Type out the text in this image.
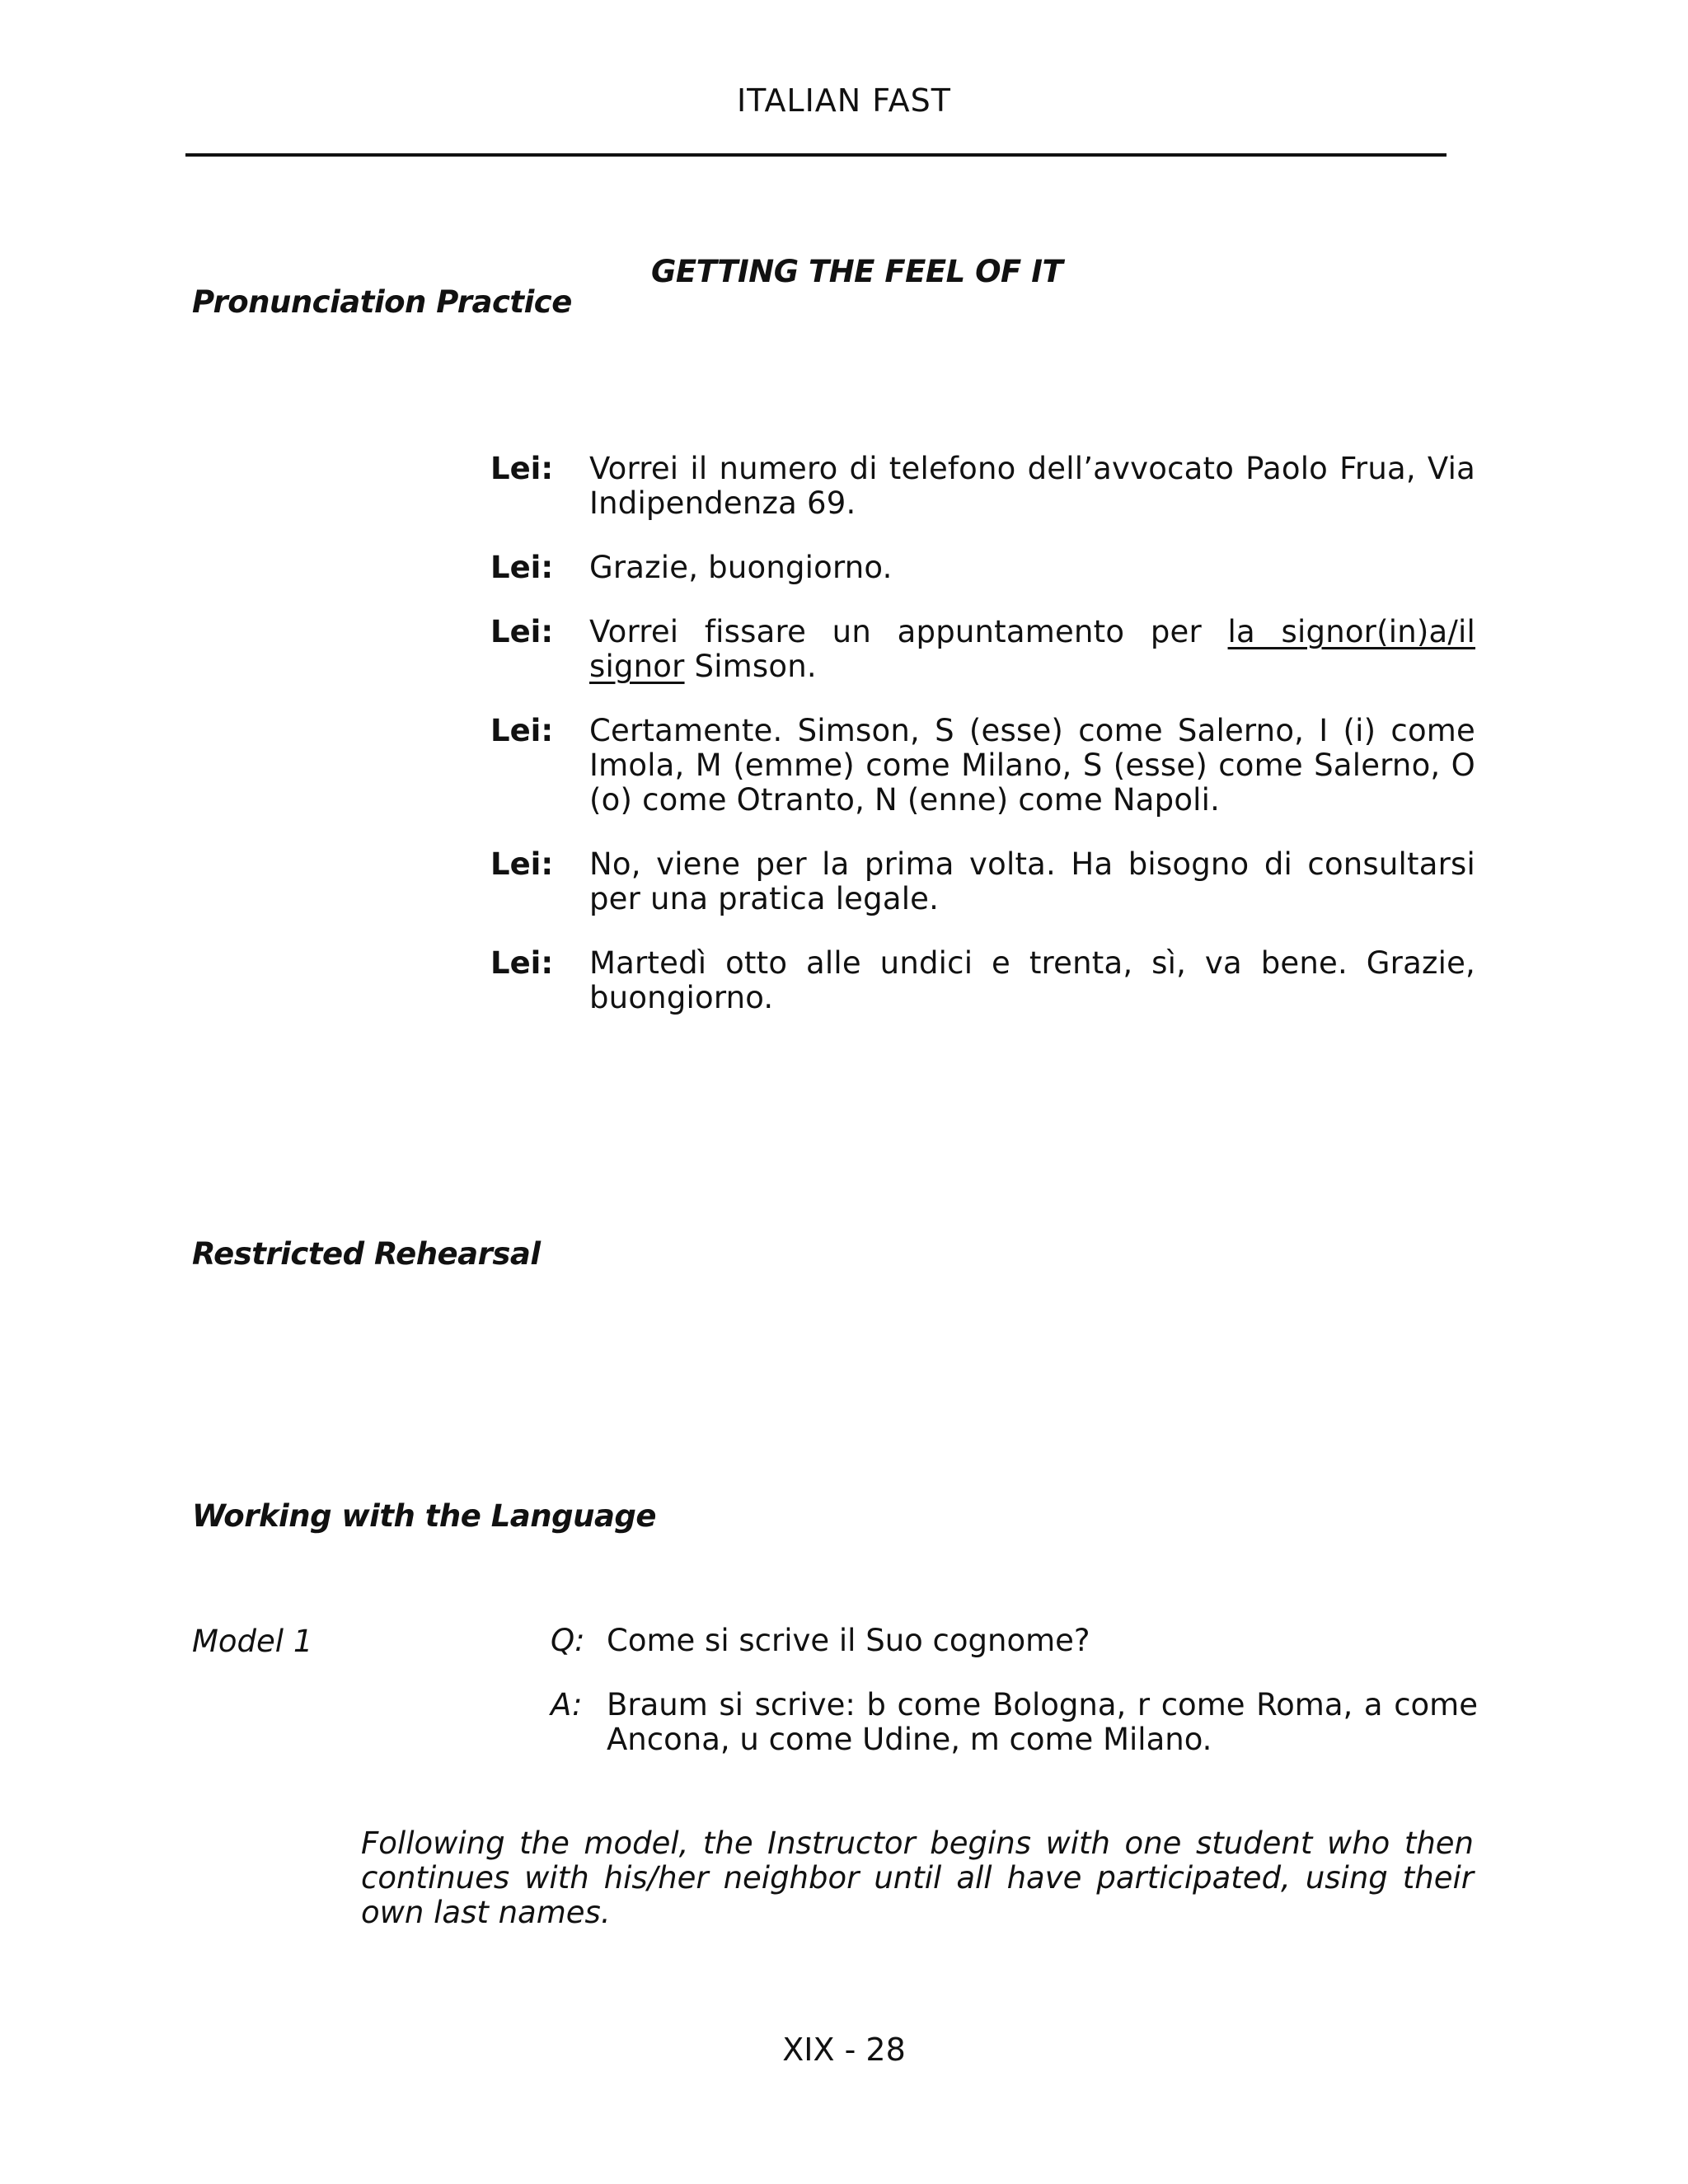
ITALIAN FAST
Pronunciation Practice
GETTING THE FEEL OF IT
Lei:	Vorrei il numero di telefono dell’avvocato Paolo Frua, Via Indipendenza 69.
Lei:	Grazie, buongiorno.
Lei:	Vorrei fissare un appuntamento per la signor(in)a/il signor Simson.
Lei:	Certamente. Simson, S (esse) come Salerno, I (i) come Imola, M (emme) come Milano, S (esse) come Salerno, O (o) come Otranto, N (enne) come Napoli.
Lei:	No, viene per la prima volta. Ha bisogno di consultarsi per una pratica legale.
Lei:	Martedì otto alle undici e trenta, sì, va bene. Grazie, buongiorno.
Restricted Rehearsal
Working with the Language
Model 1	Q: Come si scrive il Suo cognome?
A: Braum si scrive: b come Bologna, r come Roma, a come Ancona, u come Udine, m come Milano.
Following the model, the Instructor begins with one student who then continues with his/her neighbor until all have participated, using their own last names.
XIX - 28
